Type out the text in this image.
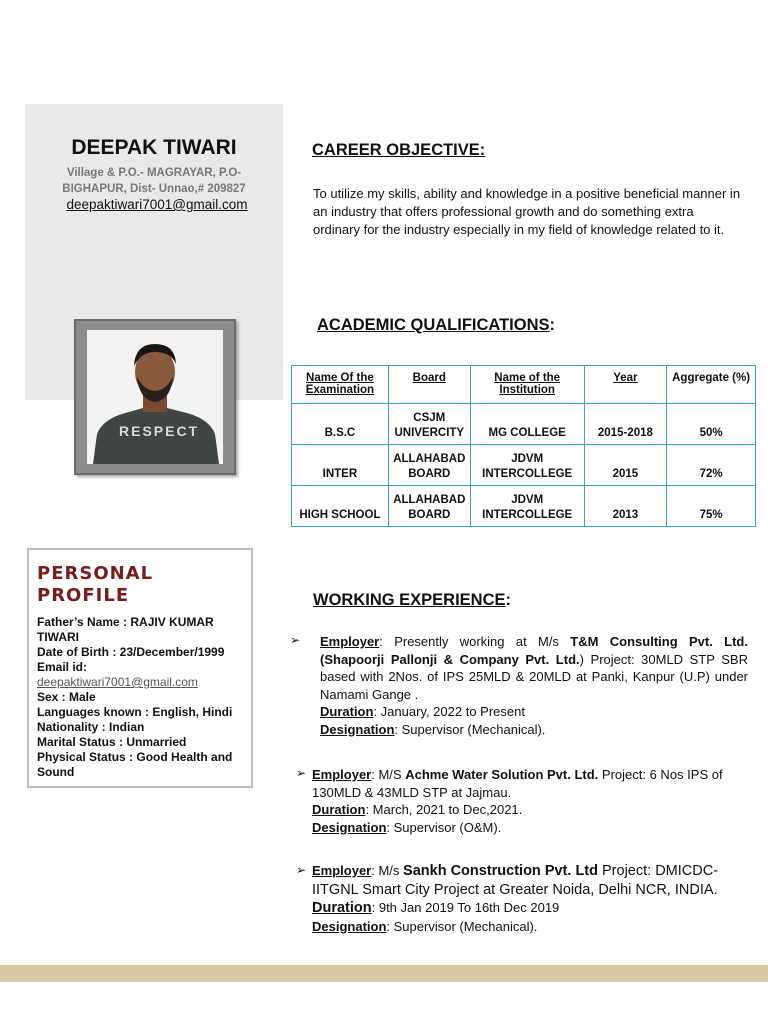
DEEPAK TIWARI
Village & P.O.- MAGRAYAR, P.O-
BIGHAPUR, Dist- Unnao,# 209827
deepaktiwari7001@gmail.com
RESPECT
CAREER OBJECTIVE:
To utilize my skills, ability and knowledge in a positive beneficial manner in an industry that offers professional growth and do something extra ordinary for the industry especially in my field of knowledge related to it.
ACADEMIC QUALIFICATIONS:
Name Of the Examination	Board	Name of the Institution	Year	Aggregate (%)
B.S.C	CSJM UNIVERCITY	MG COLLEGE	2015-2018	50%
INTER	ALLAHABAD BOARD	JDVM INTERCOLLEGE	2015	72%
HIGH SCHOOL	ALLAHABAD BOARD	JDVM INTERCOLLEGE	2013	75%
PERSONAL
PROFILE
Father’s Name : RAJIV KUMAR TIWARI
Date of Birth : 23/December/1999
Email id:
deepaktiwari7001@gmail.com
Sex : Male
Languages known : English, Hindi
Nationality : Indian
Marital Status : Unmarried
Physical Status : Good Health and Sound
WORKING EXPERIENCE:
➢ Employer: Presently working at M/s T&M Consulting Pvt. Ltd. (Shapoorji Pallonji & Company Pvt. Ltd.) Project: 30MLD STP SBR based with 2Nos. of IPS 25MLD & 20MLD at Panki, Kanpur (U.P) under Namami Gange .
Duration: January, 2022 to Present
Designation: Supervisor (Mechanical).
➢ Employer: M/S Achme Water Solution Pvt. Ltd. Project: 6 Nos IPS of 130MLD & 43MLD STP at Jajmau.
Duration: March, 2021 to Dec,2021.
Designation: Supervisor (O&M).
➢ Employer: M/s Sankh Construction Pvt. Ltd Project: DMICDC-IITGNL Smart City Project at Greater Noida, Delhi NCR, INDIA.
Duration: 9th Jan 2019 To 16th Dec 2019
Designation: Supervisor (Mechanical).
